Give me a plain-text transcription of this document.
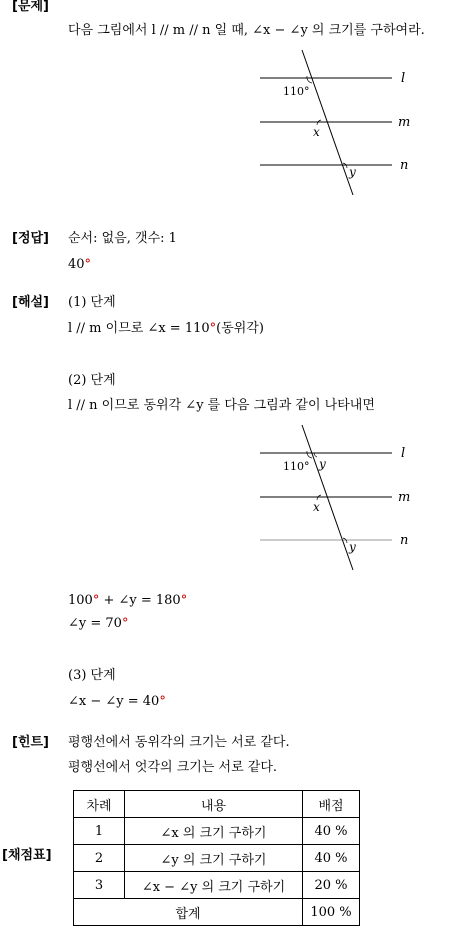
[문제]
다음 그림에서 l // m // n 일 때, ∠x − ∠y 의 크기를 구하여라.
110°
x
y
l
m
n
[정답] 순서: 없음, 갯수: 1
40°
[해설] (1) 단계
l // m 이므로 ∠x = 110°(동위각)
(2) 단계
l // n 이므로 동위각 ∠y 를 다음 그림과 같이 나타내면
110° y
x
y
l
m
n
100° + ∠y = 180°
∠y = 70°
(3) 단계
∠x − ∠y = 40°
[힌트] 평행선에서 동위각의 크기는 서로 같다.
평행선에서 엇각의 크기는 서로 같다.
[채점표]
차례	내용	배점
1	∠x 의 크기 구하기	40 %
2	∠y 의 크기 구하기	40 %
3	∠x − ∠y 의 크기 구하기	20 %
합계		100 %
